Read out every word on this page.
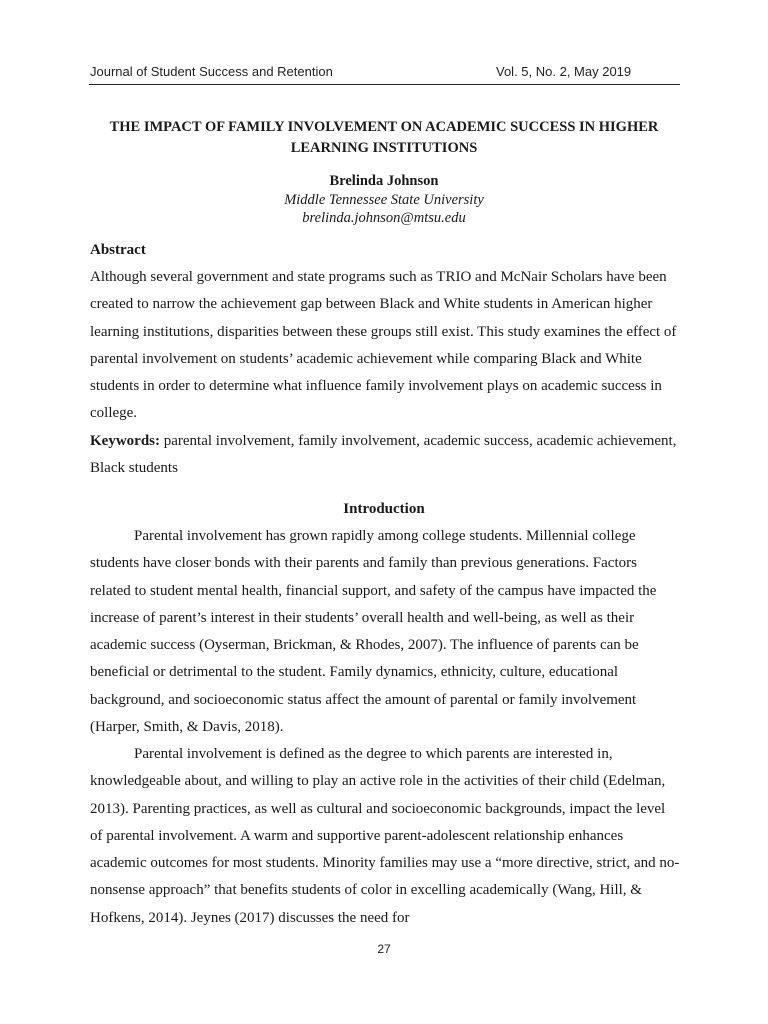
Journal of Student Success and Retention	Vol. 5, No. 2, May 2019
THE IMPACT OF FAMILY INVOLVEMENT ON ACADEMIC SUCCESS IN HIGHER LEARNING INSTITUTIONS
Brelinda Johnson
Middle Tennessee State University
brelinda.johnson@mtsu.edu
Abstract

Although several government and state programs such as TRIO and McNair Scholars have been created to narrow the achievement gap between Black and White students in American higher learning institutions, disparities between these groups still exist. This study examines the effect of parental involvement on students’ academic achievement while comparing Black and White students in order to determine what influence family involvement plays on academic success in college.

Keywords: parental involvement, family involvement, academic success, academic achievement, Black students

Introduction

Parental involvement has grown rapidly among college students. Millennial college students have closer bonds with their parents and family than previous generations. Factors related to student mental health, financial support, and safety of the campus have impacted the increase of parent’s interest in their students’ overall health and well-being, as well as their academic success (Oyserman, Brickman, & Rhodes, 2007). The influence of parents can be beneficial or detrimental to the student. Family dynamics, ethnicity, culture, educational background, and socioeconomic status affect the amount of parental or family involvement (Harper, Smith, & Davis, 2018).

Parental involvement is defined as the degree to which parents are interested in, knowledgeable about, and willing to play an active role in the activities of their child (Edelman, 2013). Parenting practices, as well as cultural and socioeconomic backgrounds, impact the level of parental involvement. A warm and supportive parent-adolescent relationship enhances academic outcomes for most students. Minority families may use a “more directive, strict, and no-nonsense approach” that benefits students of color in excelling academically (Wang, Hill, & Hofkens, 2014). Jeynes (2017) discusses the need for

27
